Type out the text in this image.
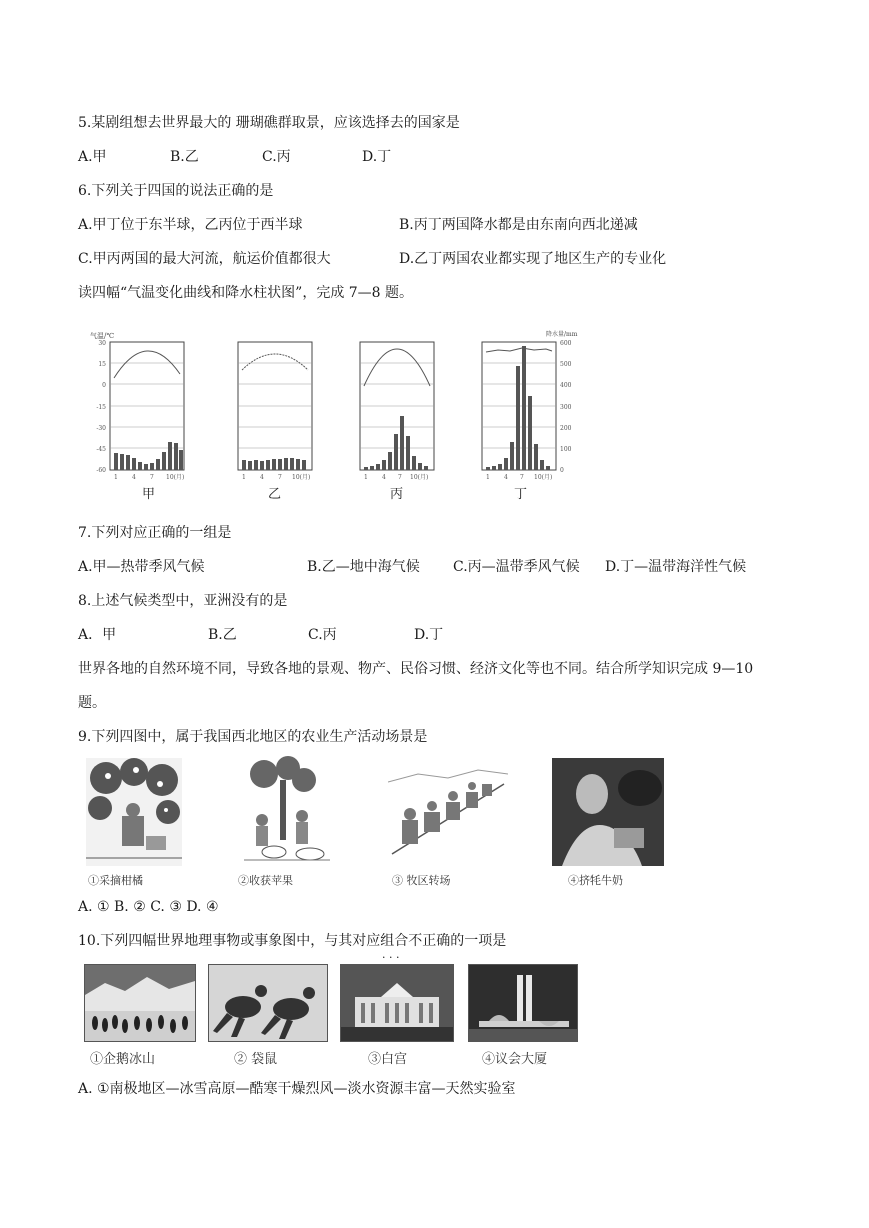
5.某剧组想去世界最大的 珊瑚礁群取景，应该选择去的国家是
A.甲	B.乙	C.丙	D.丁
6.下列关于四国的说法正确的是
A.甲丁位于东半球，乙丙位于西半球	B.丙丁两国降水都是由东南向西北递减
C.甲丙两国的最大河流，航运价值都很大	D.乙丁两国农业都实现了地区生产的专业化
读四幅“气温变化曲线和降水柱状图”，完成 7—8 题。
气温/℃
30
15
0
-15
-30
-45
-60
1 4 7 10(月)
甲
1 4 7 10(月)
乙
1 4 7 10(月)
丙
降水量/mm
600
500
400
300
200
100
0
1 4 7 10(月)
丁
7.下列对应正确的一组是
A.甲—热带季风气候	B.乙—地中海气候 C.丙—温带季风气候 D.丁—温带海洋性气候
8.上述气候类型中，亚洲没有的是
A．甲	B.乙	C.丙	D.丁
世界各地的自然环境不同，导致各地的景观、物产、民俗习惯、经济文化等也不同。结合所学知识完成 9—10
题。
9.下列四图中，属于我国西北地区的农业生产活动场景是
①采摘柑橘	②收获苹果	③ 牧区转场	④挤牦牛奶
A. ① B. ② C. ③ D. ④
10.下列四幅世界地理事物或事象图中，与其对应组合不正确的一项是
· · ·
①企鹅冰山	② 袋鼠	③白宫	④议会大厦
A. ①南极地区—冰雪高原—酷寒干燥烈风—淡水资源丰富—天然实验室
